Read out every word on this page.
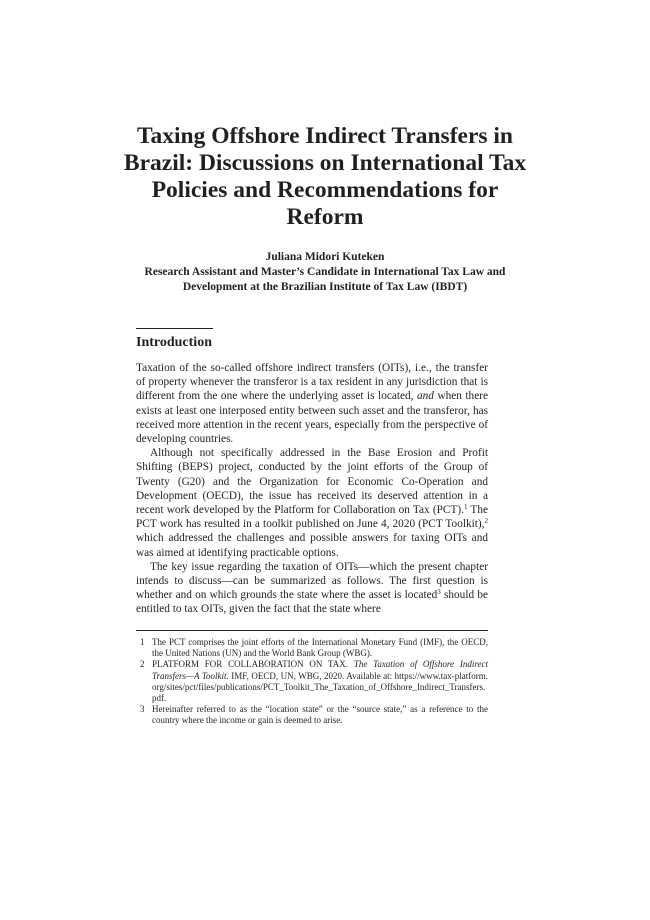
Taxing Offshore Indirect Transfers in Brazil: Discussions on International Tax Policies and Recommendations for Reform
Juliana Midori Kuteken
Research Assistant and Master’s Candidate in International Tax Law and Development at the Brazilian Institute of Tax Law (IBDT)
Introduction

Taxation of the so-called offshore indirect transfers (OITs), i.e., the transfer of property whenever the transferor is a tax resident in any jurisdiction that is different from the one where the underlying asset is located, and when there exists at least one interposed entity between such asset and the transferor, has received more attention in the recent years, especially from the perspective of developing countries.

Although not specifically addressed in the Base Erosion and Profit Shifting (BEPS) project, conducted by the joint efforts of the Group of Twenty (G20) and the Organization for Economic Co-Operation and Development (OECD), the issue has received its deserved attention in a recent work developed by the Platform for Collaboration on Tax (PCT).$^1$ The PCT work has resulted in a toolkit published on June 4, 2020 (PCT Toolkit),$^2$ which addressed the challenges and possible answers for taxing OITs and was aimed at identifying practicable options.

The key issue regarding the taxation of OITs—which the present chapter intends to discuss—can be summarized as follows. The first question is whether and on which grounds the state where the asset is located$^3$ should be entitled to tax OITs, given the fact that the state where

1 The PCT comprises the joint efforts of the International Monetary Fund (IMF), the OECD, the United Nations (UN) and the World Bank Group (WBG).
2 PLATFORM FOR COLLABORATION ON TAX. The Taxation of Offshore Indirect Transfers—A Toolkit. IMF, OECD, UN, WBG, 2020. Available at: https://www.tax-platform.org/sites/pct/files/publications/PCT_Toolkit_The_Taxation_of_Offshore_Indirect_Transfers.pdf.
3 Hereinafter referred to as the “location state” or the “source state,” as a reference to the country where the income or gain is deemed to arise.
